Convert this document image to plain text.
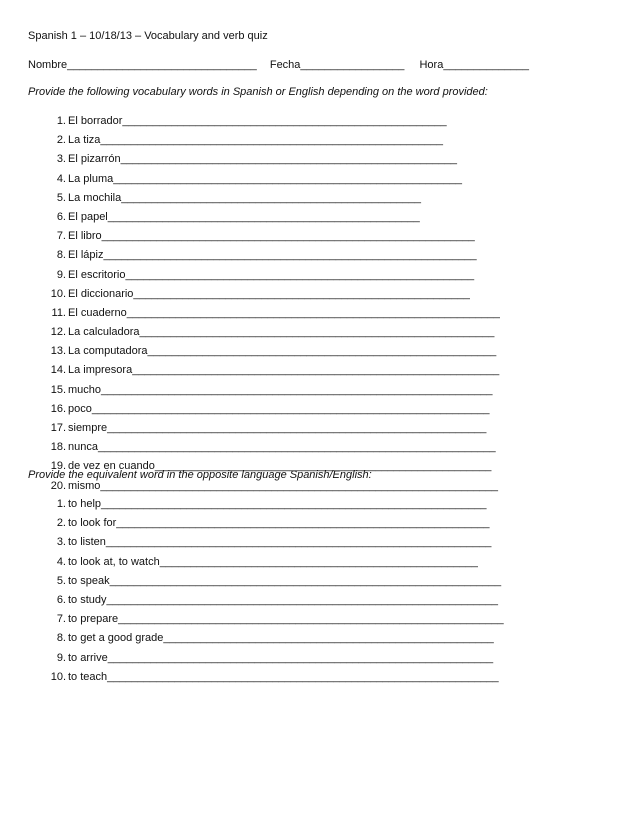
Spanish 1 – 10/18/13 – Vocabulary and verb quiz
Nombre_______________________________ Fecha_________________ Hora______________
Provide the following vocabulary words in Spanish or English depending on the word provided:
1. El borrador_____________________________________________________
2. La tiza________________________________________________________
3. El pizarrón_______________________________________________________
4. La pluma_________________________________________________________
5. La mochila_________________________________________________
6. El papel___________________________________________________
7. El libro_____________________________________________________________
8. El lápiz_____________________________________________________________
9. El escritorio_________________________________________________________
10. El diccionario_______________________________________________________
11. El cuaderno_____________________________________________________________
12. La calculadora__________________________________________________________
13. La computadora_________________________________________________________
14. La impresora____________________________________________________________
15. mucho________________________________________________________________
16. poco_________________________________________________________________
17. siempre______________________________________________________________
18. nunca_________________________________________________________________
19. de vez en cuando_______________________________________________________
20. mismo_________________________________________________________________
Provide the equivalent word in the opposite language Spanish/English:
1. to help_______________________________________________________________
2. to look for_____________________________________________________________
3. to listen_______________________________________________________________
4. to look at, to watch____________________________________________________
5. to speak________________________________________________________________
6. to study________________________________________________________________
7. to prepare_______________________________________________________________
8. to get a good grade______________________________________________________
9. to arrive_______________________________________________________________
10. to teach________________________________________________________________
